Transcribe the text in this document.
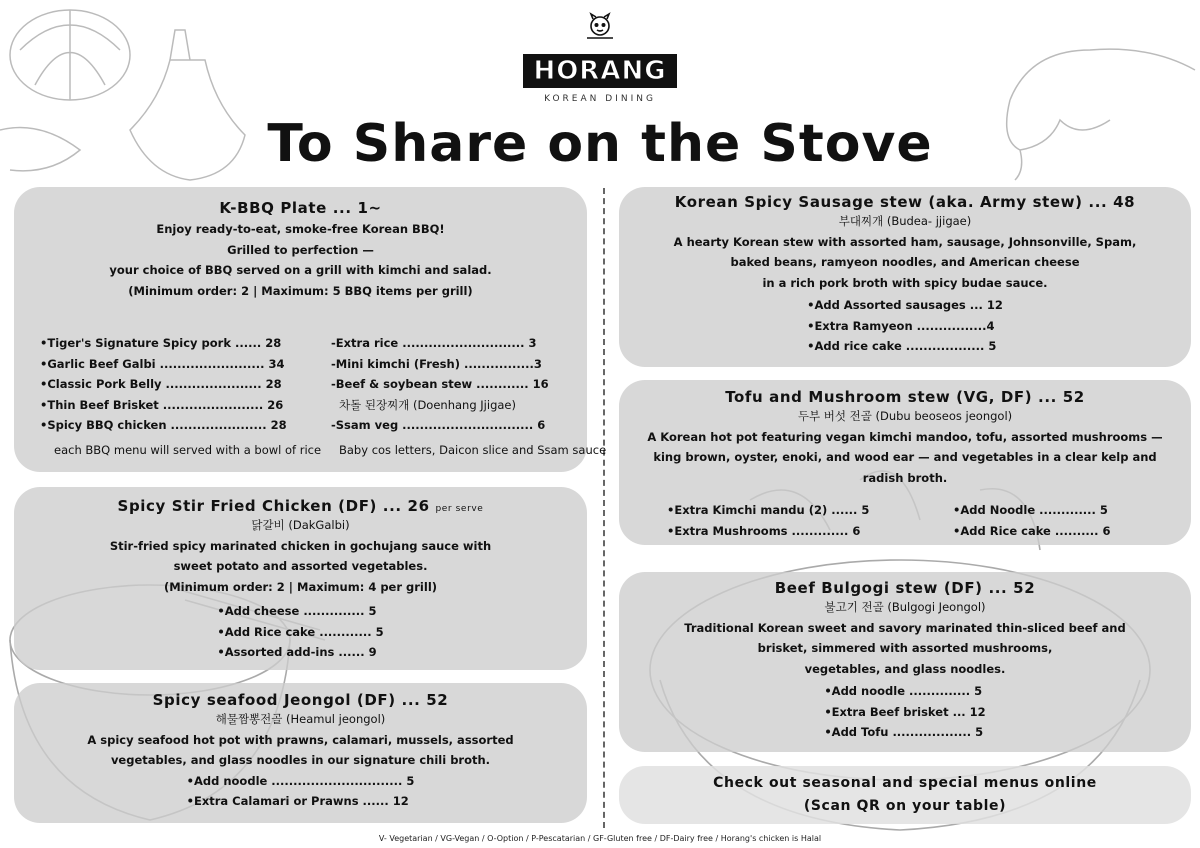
HORANG
KOREAN DINING
To Share on the Stove
K-BBQ Plate ... 1~

Enjoy ready-to-eat, smoke-free Korean BBQ!

Grilled to perfection —

your choice of BBQ served on a grill with kimchi and salad.

(Minimum order: 2 | Maximum: 5 BBQ items per grill)

•Tiger's Signature Spicy pork ...... 28
•Garlic Beef Galbi ........................ 34
•Classic Pork Belly ...................... 28
•Thin Beef Brisket ....................... 26
•Spicy BBQ chicken ...................... 28
each BBQ menu will served with a bowl of rice
-Extra rice ............................ 3
-Mini kimchi (Fresh) ................3
-Beef & soybean stew ............ 16
차돌 된장찌개 (Doenhang Jjigae)
-Ssam veg .............................. 6
Baby cos letters, Daicon slice and Ssam sauce
Spicy Stir Fried Chicken (DF) ... 26 per serve

닭갈비 (DakGalbi)

Stir-fried spicy marinated chicken in gochujang sauce with

sweet potato and assorted vegetables.

(Minimum order: 2 | Maximum: 4 per grill)

•Add cheese .............. 5
•Add Rice cake ............ 5
•Assorted add-ins ...... 9
Spicy seafood Jeongol (DF) ... 52

해물짬뽕전골 (Heamul jeongol)

A spicy seafood hot pot with prawns, calamari, mussels, assorted

vegetables, and glass noodles in our signature chili broth.

•Add noodle .............................. 5
•Extra Calamari or Prawns ...... 12
Korean Spicy Sausage stew (aka. Army stew) ... 48

부대찌개 (Budea- jjigae)

A hearty Korean stew with assorted ham, sausage, Johnsonville, Spam,

baked beans, ramyeon noodles, and American cheese

in a rich pork broth with spicy budae sauce.

•Add Assorted sausages ... 12
•Extra Ramyeon ................4
•Add rice cake .................. 5
Tofu and Mushroom stew (VG, DF) ... 52

두부 버섯 전골 (Dubu beoseos jeongol)

A Korean hot pot featuring vegan kimchi mandoo, tofu, assorted mushrooms —

king brown, oyster, enoki, and wood ear — and vegetables in a clear kelp and

radish broth.

•Extra Kimchi mandu (2) ...... 5
•Extra Mushrooms ............. 6
•Add Noodle ............. 5
•Add Rice cake .......... 6
Beef Bulgogi stew (DF) ... 52

불고기 전골 (Bulgogi Jeongol)

Traditional Korean sweet and savory marinated thin-sliced beef and

brisket, simmered with assorted mushrooms,

vegetables, and glass noodles.

•Add noodle .............. 5
•Extra Beef brisket ... 12
•Add Tofu .................. 5
Check out seasonal and special menus online
(Scan QR on your table)
V- Vegetarian / VG-Vegan / O-Option / P-Pescatarian / GF-Gluten free / DF-Dairy free / Horang's chicken is Halal
